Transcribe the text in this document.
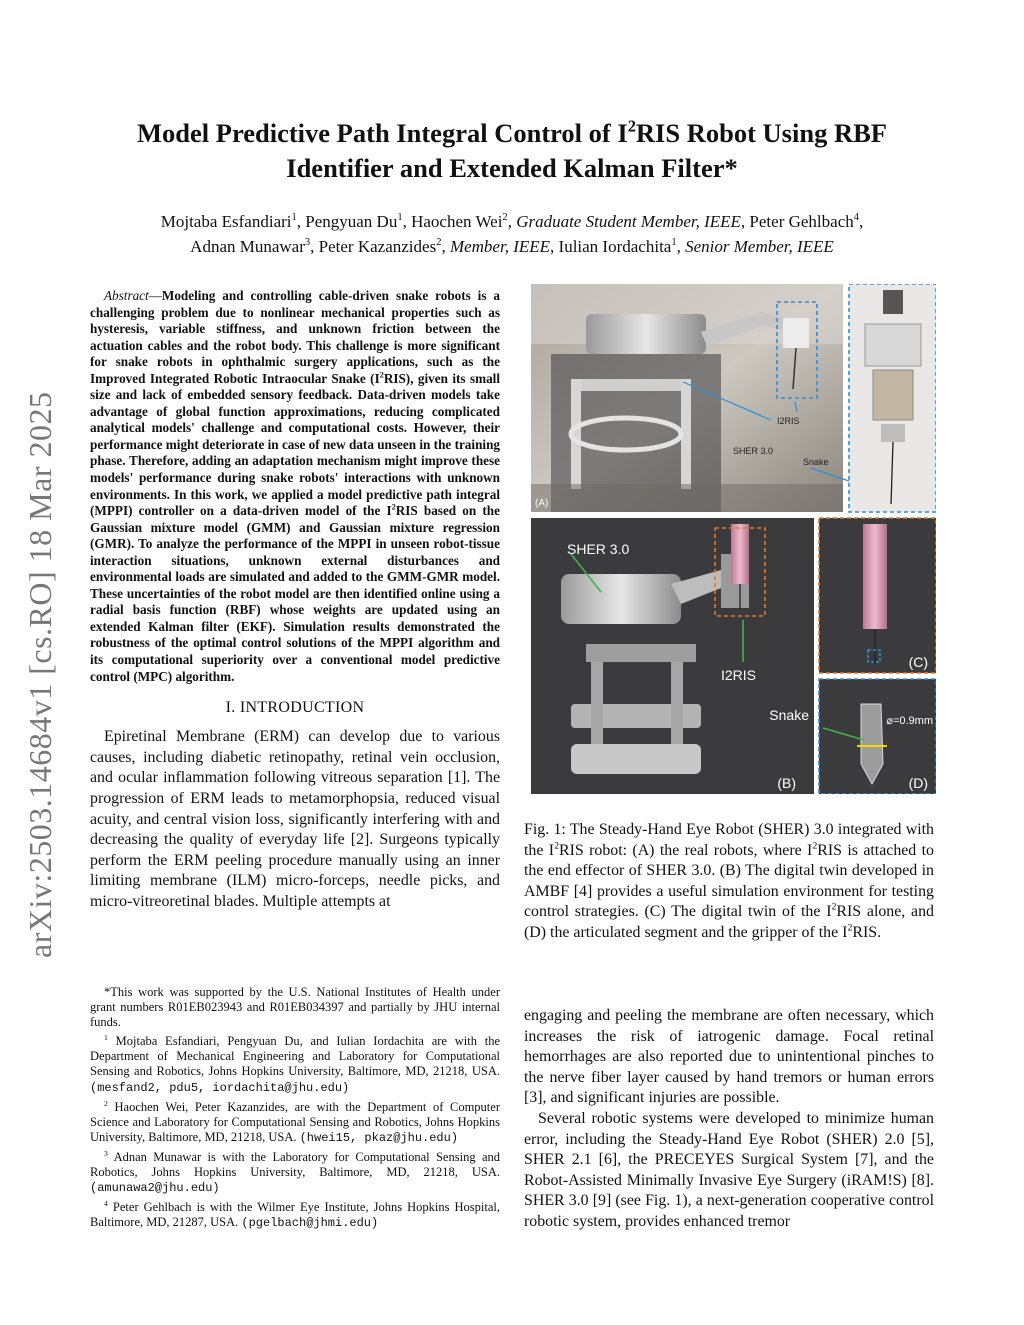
arXiv:2503.14684v1 [cs.RO] 18 Mar 2025
Model Predictive Path Integral Control of $I^2RIS$ Robot Using RBF
Identifier and Extended Kalman Filter*
Mojtaba Esfandiari$^1$, Pengyuan Du$^1$, Haochen Wei$^2$, Graduate Student Member, IEEE, Peter Gehlbach$^4$,
Adnan Munawar$^3$, Peter Kazanzides$^2$, Member, IEEE, Iulian Iordachita$^1$, Senior Member, IEEE
Abstract—Modeling and controlling cable-driven snake robots is a challenging problem due to nonlinear mechanical properties such as hysteresis, variable stiffness, and unknown friction between the actuation cables and the robot body. This challenge is more significant for snake robots in ophthalmic surgery applications, such as the Improved Integrated Robotic Intraocular Snake $(I^2RIS)$, given its small size and lack of embedded sensory feedback. Data-driven models take advantage of global function approximations, reducing complicated analytical models' challenge and computational costs. However, their performance might deteriorate in case of new data unseen in the training phase. Therefore, adding an adaptation mechanism might improve these models' performance during snake robots' interactions with unknown environments. In this work, we applied a model predictive path integral (MPPI) controller on a data-driven model of the $I^2RIS$ based on the Gaussian mixture model (GMM) and Gaussian mixture regression (GMR). To analyze the performance of the MPPI in unseen robot-tissue interaction situations, unknown external disturbances and environmental loads are simulated and added to the GMM-GMR model. These uncertainties of the robot model are then identified online using a radial basis function (RBF) whose weights are updated using an extended Kalman filter (EKF). Simulation results demonstrated the robustness of the optimal control solutions of the MPPI algorithm and its computational superiority over a conventional model predictive control (MPC) algorithm.
I. INTRODUCTION
Epiretinal Membrane (ERM) can develop due to various causes, including diabetic retinopathy, retinal vein occlusion, and ocular inflammation following vitreous separation [1]. The progression of ERM leads to metamorphopsia, reduced visual acuity, and central vision loss, significantly interfering with and decreasing the quality of everyday life [2]. Surgeons typically perform the ERM peeling procedure manually using an inner limiting membrane (ILM) micro-forceps, needle picks, and micro-vitreoretinal blades. Multiple attempts at

*This work was supported by the U.S. National Institutes of Health under grant numbers R01EB023943 and R01EB034397 and partially by JHU internal funds.

$^1$ Mojtaba Esfandiari, Pengyuan Du, and Iulian Iordachita are with the Department of Mechanical Engineering and Laboratory for Computational Sensing and Robotics, Johns Hopkins University, Baltimore, MD, 21218, USA. (mesfand2, pdu5, iordachita@jhu.edu)

$^2$ Haochen Wei, Peter Kazanzides, are with the Department of Computer Science and Laboratory for Computational Sensing and Robotics, Johns Hopkins University, Baltimore, MD, 21218, USA. (hwei15, pkaz@jhu.edu)

$^3$ Adnan Munawar is with the Laboratory for Computational Sensing and Robotics, Johns Hopkins University, Baltimore, MD, 21218, USA. (amunawa2@jhu.edu)

$^4$ Peter Gehlbach is with the Wilmer Eye Institute, Johns Hopkins Hospital, Baltimore, MD, 21287, USA. (pgelbach@jhmi.edu)

I2RIS
SHER 3.0
Snake
(A)
SHER 3.0
I2RIS
(B)
(C)
⌀=0.9mm
(D)
Snake
Fig. 1: The Steady-Hand Eye Robot (SHER) 3.0 integrated with the $I^2RIS$ robot: (A) the real robots, where $I^2RIS$ is attached to the end effector of SHER 3.0. (B) The digital twin developed in AMBF [4] provides a useful simulation environment for testing control strategies. (C) The digital twin of the $I^2RIS$ alone, and (D) the articulated segment and the gripper of the $I^2RIS$.

engaging and peeling the membrane are often necessary, which increases the risk of iatrogenic damage. Focal retinal hemorrhages are also reported due to unintentional pinches to the nerve fiber layer caused by hand tremors or human errors [3], and significant injuries are possible.

Several robotic systems were developed to minimize human error, including the Steady-Hand Eye Robot (SHER) 2.0 [5], SHER 2.1 [6], the PRECEYES Surgical System [7], and the Robot-Assisted Minimally Invasive Eye Surgery (iRAM!S) [8]. SHER 3.0 [9] (see Fig. 1), a next-generation cooperative control robotic system, provides enhanced tremor
